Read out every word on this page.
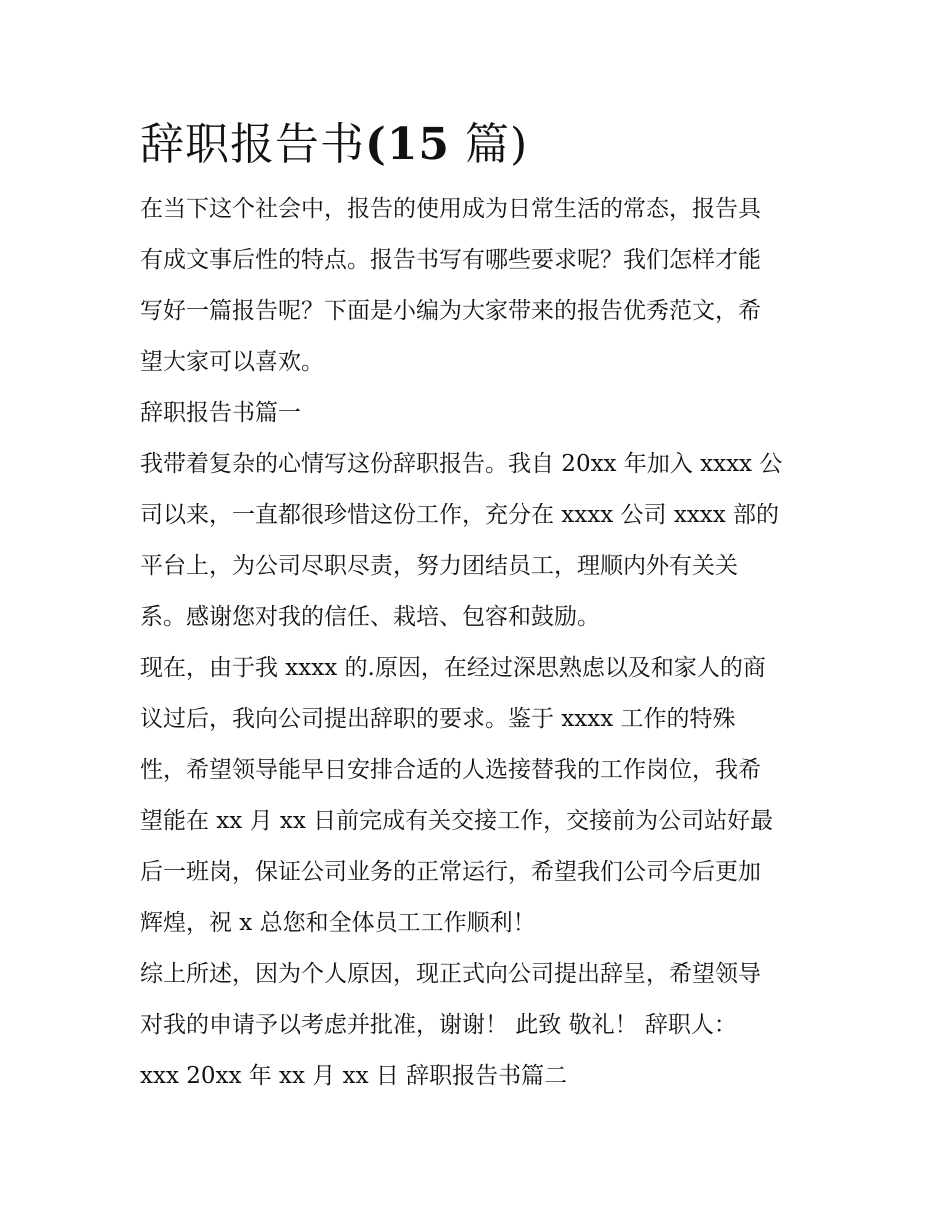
辞职报告书(15 篇)
在当下这个社会中，报告的使用成为日常生活的常态，报告具
有成文事后性的特点。报告书写有哪些要求呢？我们怎样才能
写好一篇报告呢？下面是小编为大家带来的报告优秀范文，希
望大家可以喜欢。
辞职报告书篇一
我带着复杂的心情写这份辞职报告。我自 20xx 年加入 xxxx 公
司以来，一直都很珍惜这份工作，充分在 xxxx 公司 xxxx 部的
平台上，为公司尽职尽责，努力团结员工，理顺内外有关关
系。感谢您对我的信任、栽培、包容和鼓励。
现在，由于我 xxxx 的.原因，在经过深思熟虑以及和家人的商
议过后，我向公司提出辞职的要求。鉴于 xxxx 工作的特殊
性，希望领导能早日安排合适的人选接替我的工作岗位，我希
望能在 xx 月 xx 日前完成有关交接工作，交接前为公司站好最
后一班岗，保证公司业务的正常运行，希望我们公司今后更加
辉煌，祝 x 总您和全体员工工作顺利！
综上所述，因为个人原因，现正式向公司提出辞呈，希望领导
对我的申请予以考虑并批准，谢谢！ 此致 敬礼！ 辞职人：
xxx 20xx 年 xx 月 xx 日 辞职报告书篇二
